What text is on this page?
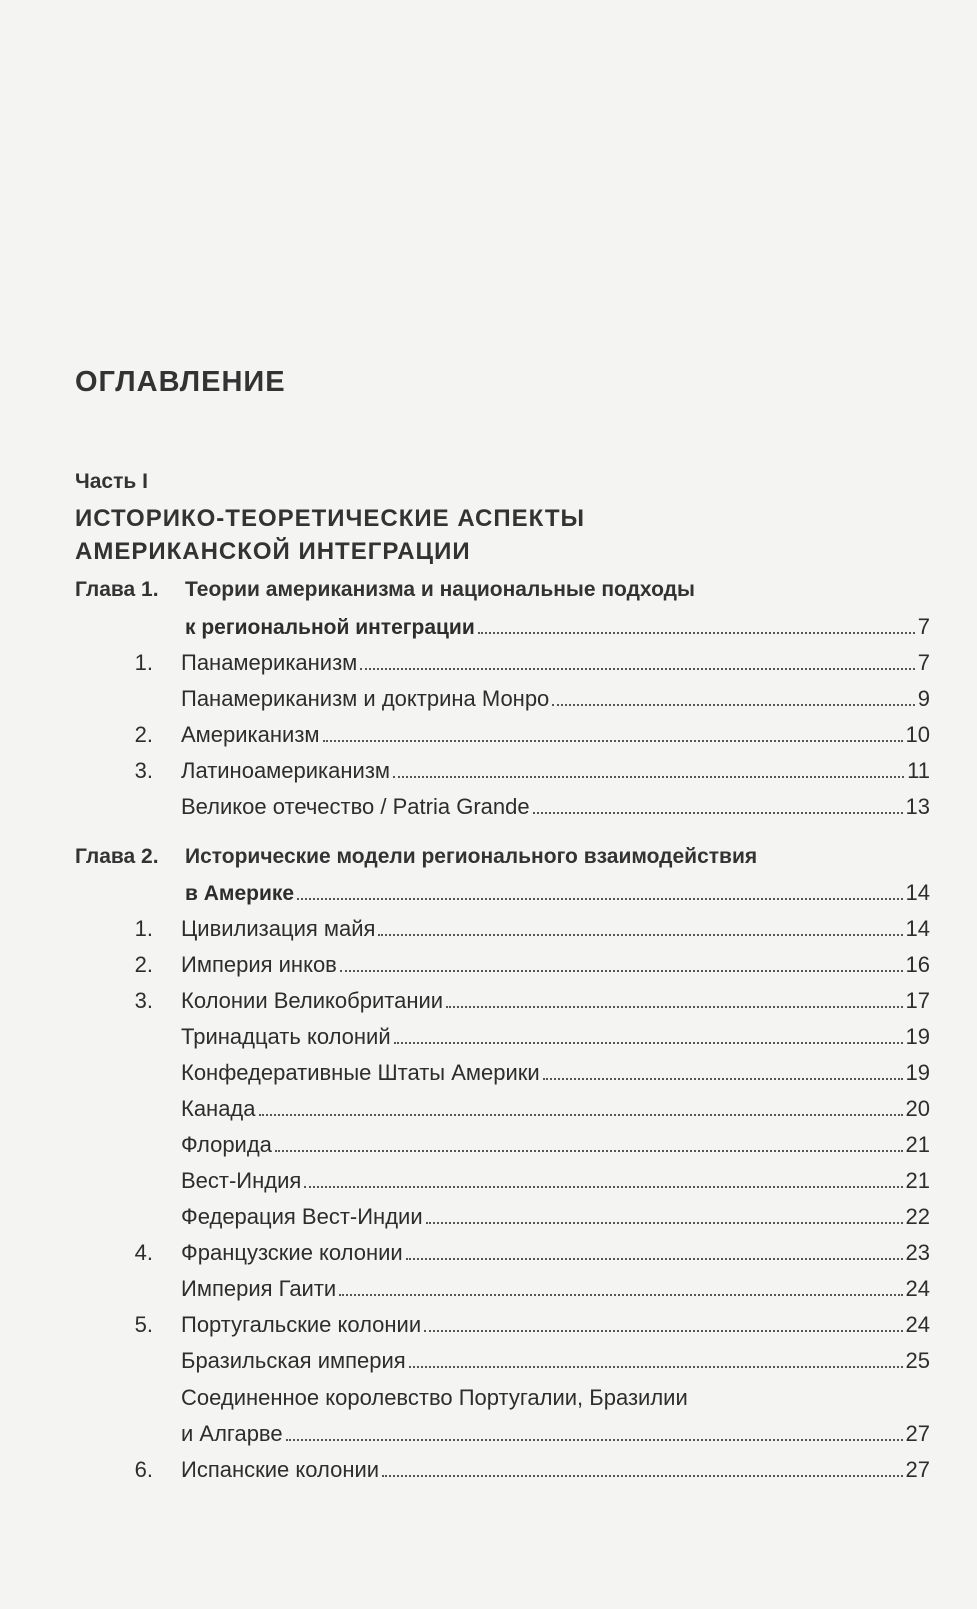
ОГЛАВЛЕНИЕ
Часть I
ИСТОРИКО-ТЕОРЕТИЧЕСКИЕ АСПЕКТЫ
АМЕРИКАНСКОЙ ИНТЕГРАЦИИ
Глава 1. Теории американизма и национальные подходы
к региональной интеграции	7
1. Панамериканизм	7
Панамериканизм и доктрина Монро	9
2. Американизм	10
3. Латиноамериканизм	11
Великое отечество / Patria Grande	13
Глава 2. Исторические модели регионального взаимодействия
в Америке	14
1. Цивилизация майя	14
2. Империя инков	16
3. Колонии Великобритании	17
Тринадцать колоний	19
Конфедеративные Штаты Америки	19
Канада	20
Флорида	21
Вест-Индия	21
Федерация Вест-Индии	22
4. Французские колонии	23
Империя Гаити	24
5. Португальские колонии	24
Бразильская империя	25
Соединенное королевство Португалии, Бразилии
и Алгарве	27
6. Испанские колонии	27
